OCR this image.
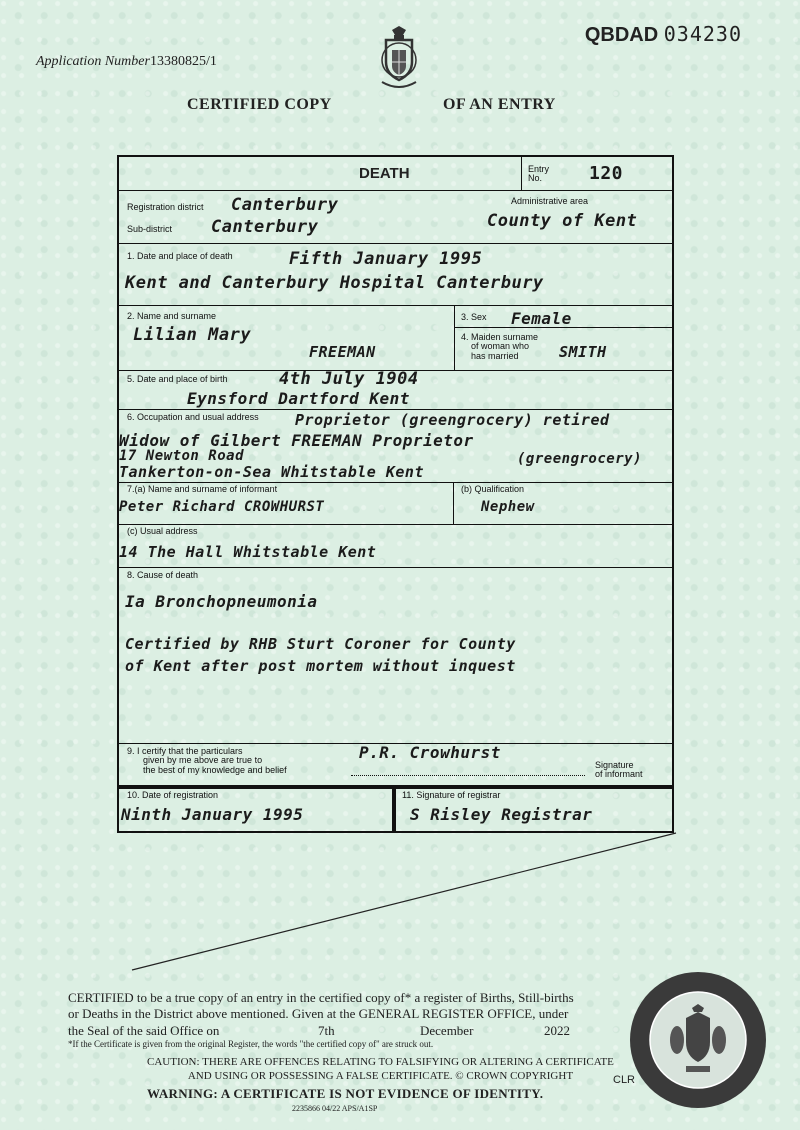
QBDAD 034230
Application Number13380825/1
CERTIFIED COPY	OF AN ENTRY
DEATH	Entry
No.	120
Registration district Canterbury
Sub-district Canterbury
Administrative area
County of Kent
1. Date and place of death	Fifth January 1995
Kent and Canterbury Hospital Canterbury
2. Name and surname
Lilian Mary
FREEMAN
3. Sex Female
4. Maiden surname
of woman who
has married	SMITH
5. Date and place of birth	4th July 1904
Eynsford Dartford Kent
6. Occupation and usual address Proprietor (greengrocery) retired
Widow of Gilbert FREEMAN Proprietor
17 Newton Road	(greengrocery)
Tankerton-on-Sea Whitstable Kent
7.(a) Name and surname of informant
Peter Richard CROWHURST
(b) Qualification
Nephew
(c) Usual address
14 The Hall Whitstable Kent
8. Cause of death
Ia Bronchopneumonia
Certified by RHB Sturt Coroner for County
of Kent after post mortem without inquest
9. I certify that the particulars
given by me above are true to
the best of my knowledge and belief
P.R. Crowhurst
Signature
of informant
10. Date of registration
Ninth January 1995
11. Signature of registrar
S Risley Registrar
CERTIFIED to be a true copy of an entry in the certified copy of* a register of Births, Still-births
or Deaths in the District above mentioned. Given at the GENERAL REGISTER OFFICE, under
the Seal of the said Office on	7th	December	2022
*If the Certificate is given from the original Register, the words "the certified copy of" are struck out.
CAUTION: THERE ARE OFFENCES RELATING TO FALSIFYING OR ALTERING A CERTIFICATE
AND USING OR POSSESSING A FALSE CERTIFICATE. © CROWN COPYRIGHT
WARNING: A CERTIFICATE IS NOT EVIDENCE OF IDENTITY.
2235866 04/22 APS/A1SP
CLR
